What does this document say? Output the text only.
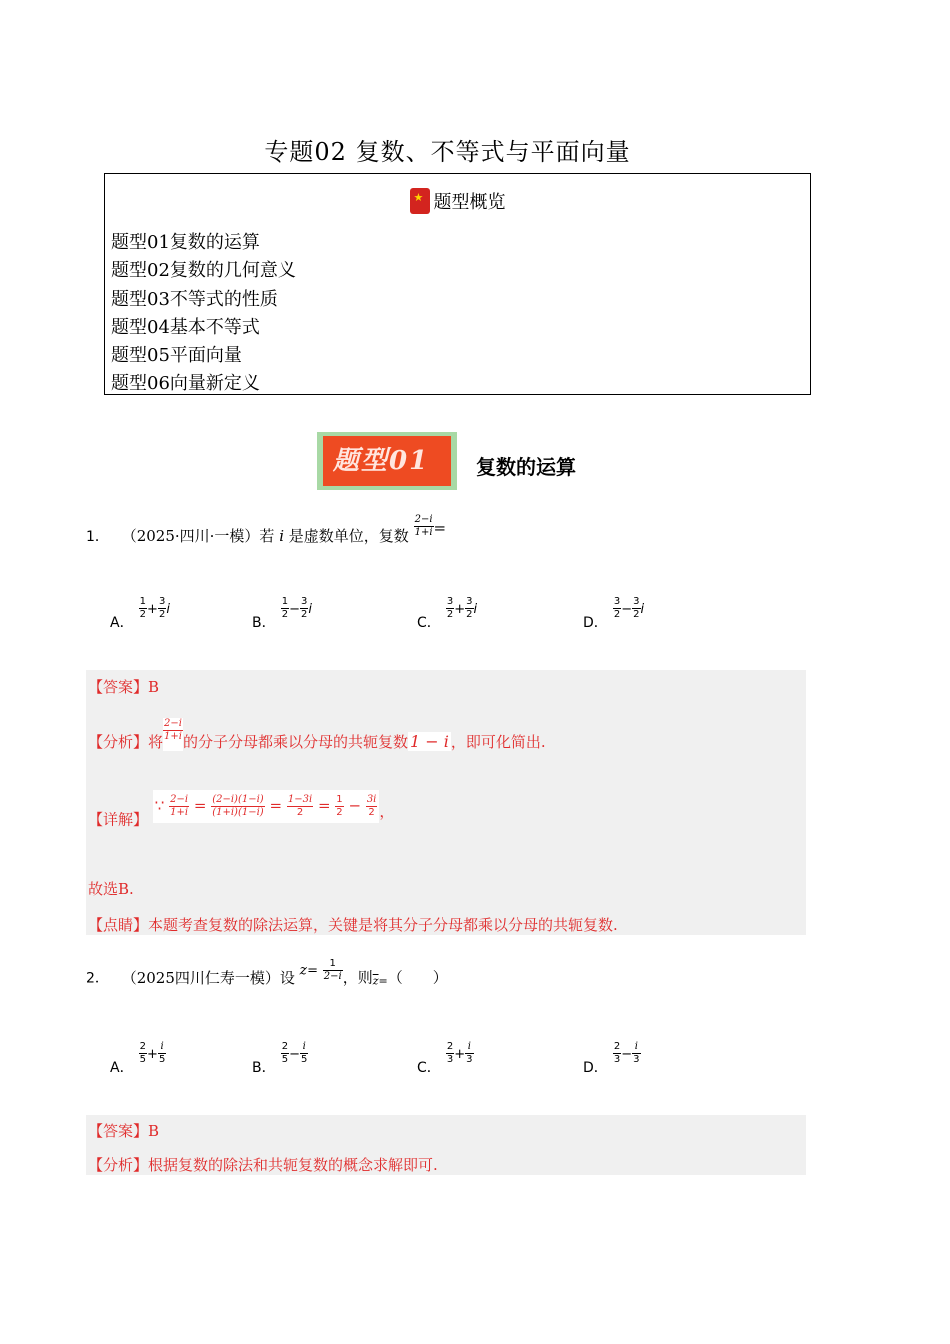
专题02 复数、不等式与平面向量
★题型概览
题型01复数的运算
题型02复数的几何意义
题型03不等式的性质
题型04基本不等式
题型05平面向量
题型06向量新定义
题型01 复数的运算
1． （2025·四川·一模）若 i 是虚数单位，复数 $\frac{2-i}{1+i}$ =
A．
$\frac{1}{2} + \frac{3}{2}$ i
B．
$\frac{1}{2} - \frac{3}{2}$ i
C．
$\frac{3}{2} + \frac{3}{2}$ i
D．
$\frac{3}{2} - \frac{3}{2}$ i
【答案】B
【分析】将 $\frac{2-i}{1+i}$ 的分子分母都乘以分母的共轭复数 1 − i ，即可化简出.
【详解】 ∵ $\frac{2-i}{1+i} = \frac{(2-i)(1-i)}{(1+i)(1-i)} = \frac{1-3i}{2} = \frac{1}{2} - \frac{3i}{2}$ ，
故选B.
【点睛】本题考查复数的除法运算，关键是将其分子分母都乘以分母的共轭复数.
2． （2025四川仁寿一模）设 $z= \frac{1}{2-i}$ ，则$_{\overline{z}=}$（　　）
A．
$\frac{2}{5} + \frac{i}{5}$
B．
$\frac{2}{5} - \frac{i}{5}$
C．
$\frac{2}{3} + \frac{i}{3}$
D．
$\frac{2}{3} - \frac{i}{3}$
【答案】B
【分析】根据复数的除法和共轭复数的概念求解即可.
